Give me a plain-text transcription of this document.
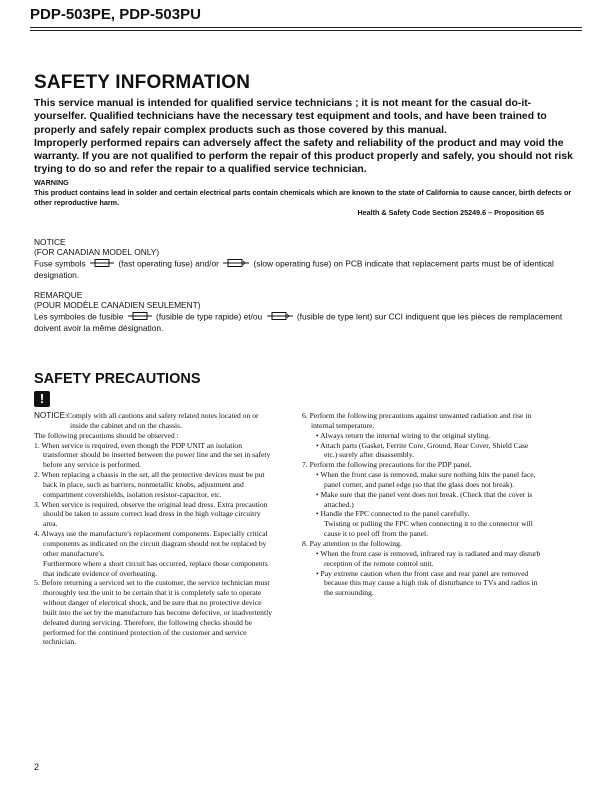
PDP-503PE, PDP-503PU
SAFETY INFORMATION

This service manual is intended for qualified service technicians ; it is not meant for the casual do-it-yourselfer. Qualified technicians have the necessary test equipment and tools, and have been trained to properly and safely repair complex products such as those covered by this manual.

Improperly performed repairs can adversely affect the safety and reliability of the product and may void the warranty. If you are not qualified to perform the repair of this product properly and safely, you should not risk trying to do so and refer the repair to a qualified service technician.

WARNING
This product contains lead in solder and certain electrical parts contain chemicals which are known to the state of California to cause cancer, birth defects or other reproductive harm.
Health & Safety Code Section 25249.6 – Proposition 65

NOTICE

(FOR CANADIAN MODEL ONLY)

Fuse symbols	(fast operating fuse) and/or	(slow operating fuse) on PCB indicate that replacement parts must be of identical designation.

REMARQUE

(POUR MODÈLE CANADIEN SEULEMENT)

Les symboles de fusible	(fusible de type rapide) et/ou	(fusible de type lent) sur CCI indiquent que les pièces de remplacement doivent avoir la même désignation.

SAFETY PRECAUTIONS
!

NOTICE:Comply with all cautions and safety related notes located on or inside the cabinet and on the chassis.

The following precautions should be observed :

1. When service is required, even though the PDP UNIT an isolation transformer should be inserted between the power line and the set in safety before any service is performed.

2. When replacing a chassis in the set, all the protective devices must be put back in place, such as barriers, nonmetallic knobs, adjustment and compartment covershields, isolation resistor-capacitor, etc.

3. When service is required, observe the original lead dress. Extra precaution should be taken to assure correct lead dress in the high voltage circuitry area.

4. Always use the manufacture's replacement components. Especially critical components as indicated on the circuit diagram should not be replaced by other manufacture's.

Furthermore where a short circuit has occurred, replace those components that indicate evidence of overheating.

5. Before returning a serviced set to the customer, the service technician must thoroughly test the unit to be certain that it is completely safe to operate without danger of electrical shock, and be sure that no protective device built into the set by the manufacture has become defective, or inadvertently defeated during servicing. Therefore, the following checks should be performed for the continued protection of the customer and service technician.

6. Perform the following precautions against unwanted radiation and rise in internal temperature.

• Always return the internal wiring to the original styling.

• Attach parts (Gasket, Ferrite Core, Ground, Rear Cover, Shield Case etc.) surely after disassembly.

7. Perform the following precautions for the PDP panel.

• When the front case is removed, make sure nothing hits the panel face, panel corner, and panel edge (so that the glass does not break).

• Make sure that the panel vent does not break. (Check that the cover is attached.)

• Handle the FPC connected to the panel carefully.

Twisting or pulling the FPC when connecting it to the connector will cause it to peel off from the panel.

8. Pay attention to the following.

• When the front case is removed, infrared ray is radiated and may disturb reception of the remote control unit.

• Pay extreme caution when the front case and rear panel are removed because this may cause a high risk of disturbance to TVs and radios in the surrounding.

2
